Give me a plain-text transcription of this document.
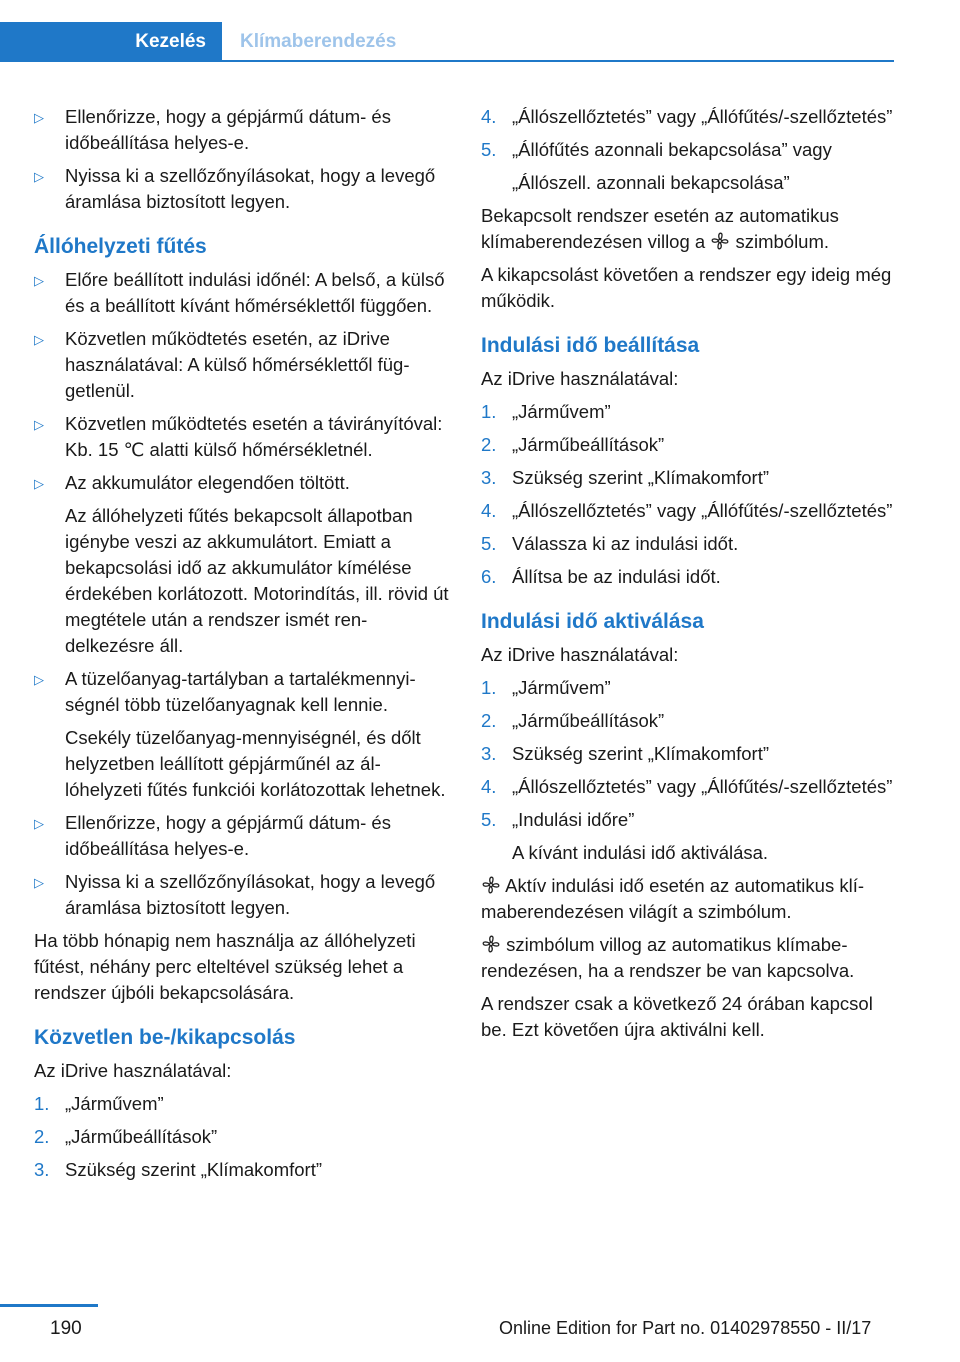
Kezelés	Klímaberendezés
▷ Ellenőrizze, hogy a gépjármű dátum- és időbeállítása helyes-e.
▷ Nyissa ki a szellőzőnyílásokat, hogy a levegő áramlása biztosított legyen.
Állóhelyzeti fűtés
▷ Előre beállított indulási időnél: A belső, a külső és a beállított kívánt hőmérséklettől függően.
▷ Közvetlen működtetés esetén, az iDrive használatával: A külső hőmérséklettől függetlenül.
▷ Közvetlen működtetés esetén a távirányítóval: Kb. 15 ℃ alatti külső hőmérsékletnél.
▷ Az akkumulátor elegendően töltött.
Az állóhelyzeti fűtés bekapcsolt állapotban igénybe veszi az akkumulátort. Emiatt a bekapcsolási idő az akkumulátor kímélése érdekében korlátozott. Motorindítás, ill. rövid út megtétele után a rendszer ismét rendelkezésre áll.
▷ A tüzelőanyag-tartályban a tartalékmennyiségnél több tüzelőanyagnak kell lennie.
Csekély tüzelőanyag-mennyiségnél, és dőlt helyzetben leállított gépjárműnél az állóhelyzeti fűtés funkciói korlátozottak lehetnek.
▷ Ellenőrizze, hogy a gépjármű dátum- és időbeállítása helyes-e.
▷ Nyissa ki a szellőzőnyílásokat, hogy a levegő áramlása biztosított legyen.

Ha több hónapig nem használja az állóhelyzeti fűtést, néhány perc elteltével szükség lehet a rendszer újbóli bekapcsolására.

Közvetlen be-/kikapcsolás

Az iDrive használatával:

1. „Járművem”
2. „Járműbeállítások”
3. Szükség szerint „Klímakomfort”
4. „Állószellőztetés” vagy „Állófűtés/-szellőztetés”
5. „Állófűtés azonnali bekapcsolása” vagy
„Állószell. azonnali bekapcsolása”

Bekapcsolt rendszer esetén az automatikus klímaberendezésen villog a
szimbólum.

A kikapcsolást követően a rendszer egy ideig még működik.

Indulási idő beállítása

Az iDrive használatával:

1. „Járművem”
2. „Járműbeállítások”
3. Szükség szerint „Klímakomfort”
4. „Állószellőztetés” vagy „Állófűtés/-szellőztetés”
5. Válassza ki az indulási időt.
6. Állítsa be az indulási időt.
Indulási idő aktiválása

Az iDrive használatával:

1. „Járművem”
2. „Járműbeállítások”
3. Szükség szerint „Klímakomfort”
4. „Állószellőztetés” vagy „Állófűtés/-szellőztetés”
5. „Indulási időre”
A kívánt indulási idő aktiválása.

Aktív indulási idő esetén az automatikus klímaberendezésen világít a szimbólum.

szimbólum villog az automatikus klímaberendezésen, ha a rendszer be van kapcsolva.

A rendszer csak a következő 24 órában kapcsol be. Ezt követően újra aktiválni kell.

190	Online Edition for Part no. 01402978550 - II/17
